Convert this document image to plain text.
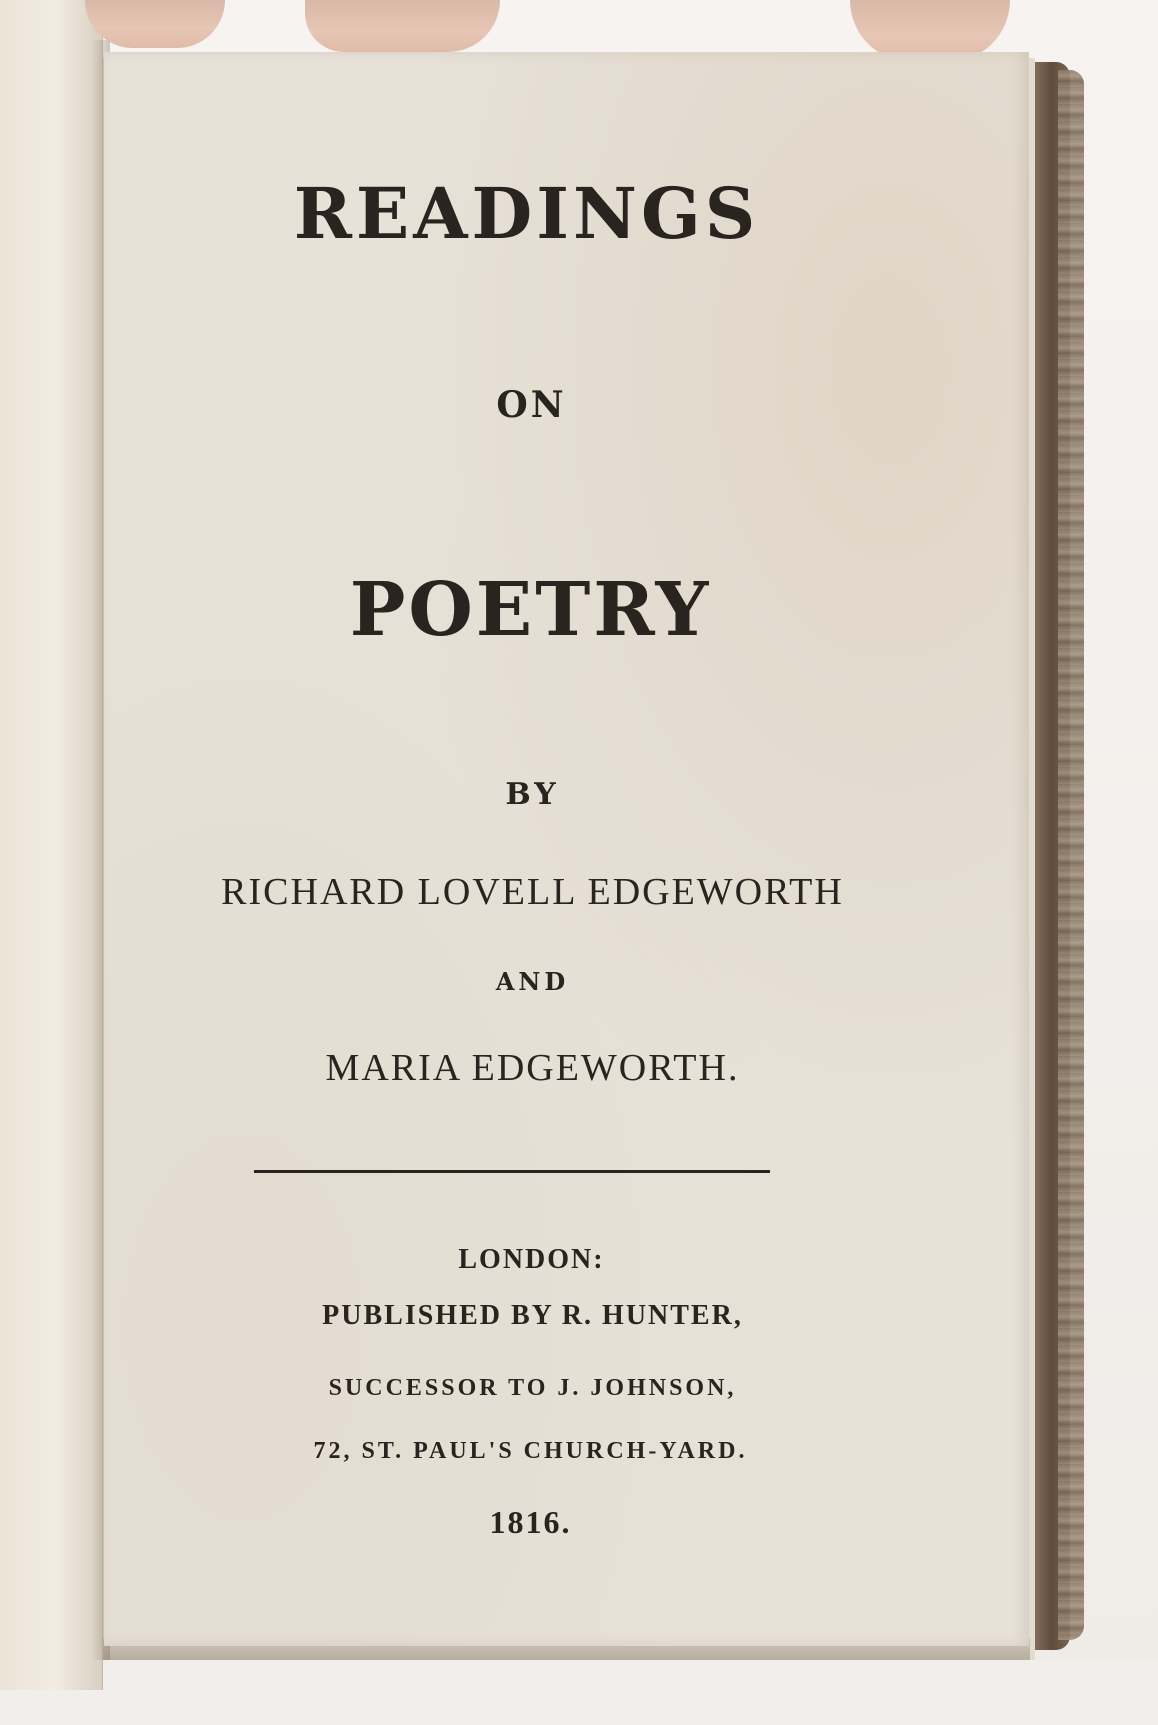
READINGS
ON
POETRY
BY
RICHARD LOVELL EDGEWORTH
AND
MARIA EDGEWORTH.
LONDON:
PUBLISHED BY R. HUNTER,
SUCCESSOR TO J. JOHNSON,
72, ST. PAUL'S CHURCH-YARD.
1816.
